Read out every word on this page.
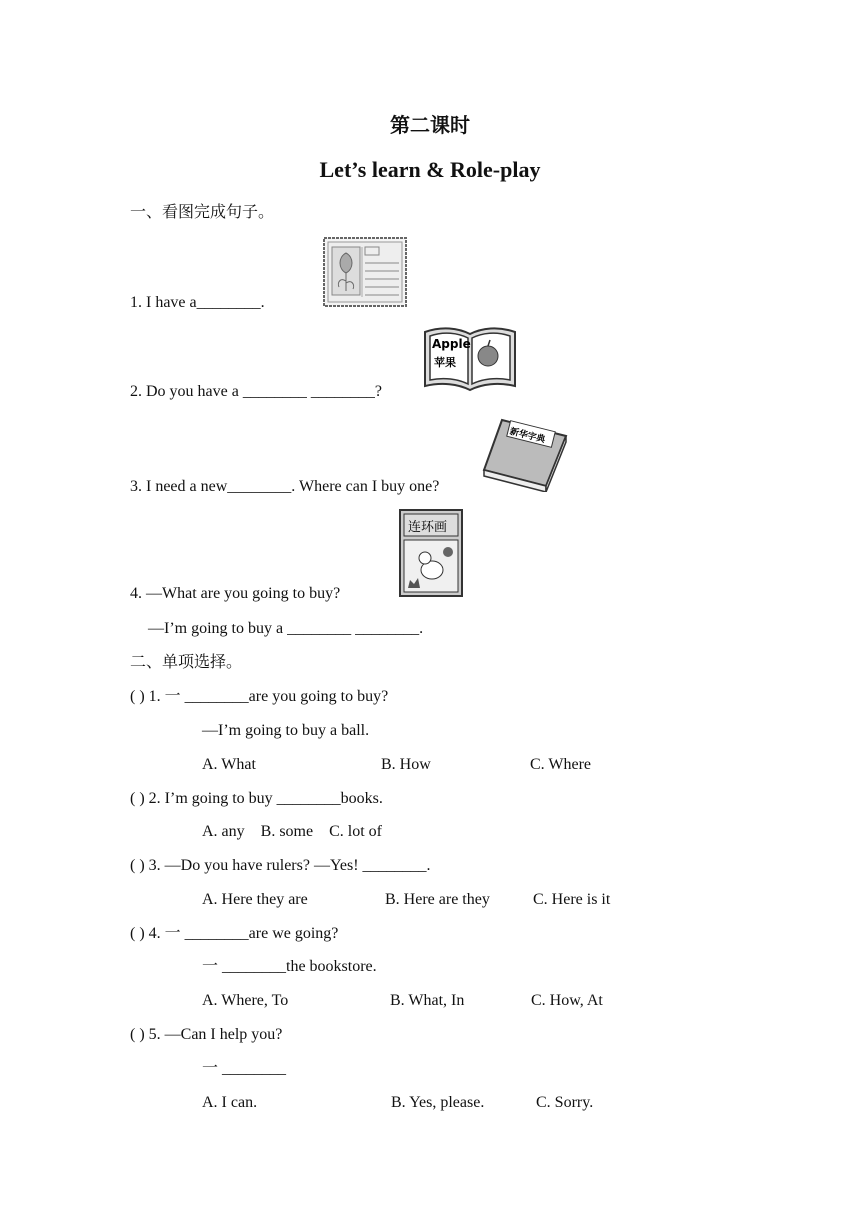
第二课时
Let’s learn & Role-play
一、看图完成句子。
1. I have a________.
Apple
苹果
2. Do you have a ________ ________?
新华字典
3. I need a new________. Where can I buy one?
连环画
4. —What are you going to buy?
—I’m going to buy a ________ ________.
二、单项选择。
( ) 1. 一 ________are you going to buy?
—I’m going to buy a ball.
A. What	B. How	C. Where
( ) 2. I’m going to buy ________books.
A. any    B. some    C. lot of
( ) 3. —Do you have rulers? —Yes! ________.
A. Here they are	B. Here are they	C. Here is it
( ) 4. 一 ________are we going?
一 ________the bookstore.
A. Where, To	B. What, In	C. How, At
( ) 5. —Can I help you?
一 ________
A. I can.	B. Yes, please.	C. Sorry.
